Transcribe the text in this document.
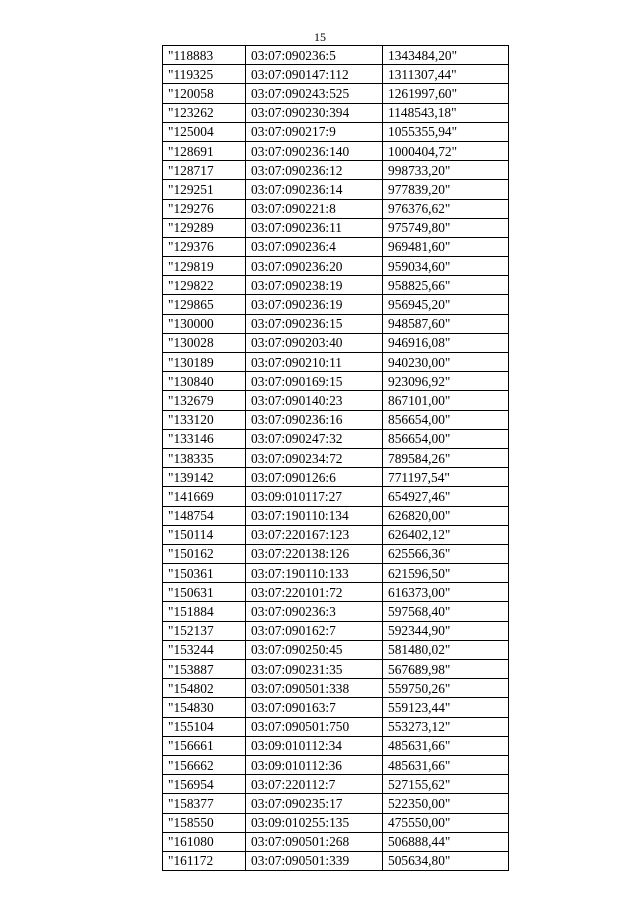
15
"118883	03:07:090236:5	1343484,20"
"119325	03:07:090147:112	1311307,44"
"120058	03:07:090243:525	1261997,60"
"123262	03:07:090230:394	1148543,18"
"125004	03:07:090217:9	1055355,94"
"128691	03:07:090236:140	1000404,72"
"128717	03:07:090236:12	998733,20"
"129251	03:07:090236:14	977839,20"
"129276	03:07:090221:8	976376,62"
"129289	03:07:090236:11	975749,80"
"129376	03:07:090236:4	969481,60"
"129819	03:07:090236:20	959034,60"
"129822	03:07:090238:19	958825,66"
"129865	03:07:090236:19	956945,20"
"130000	03:07:090236:15	948587,60"
"130028	03:07:090203:40	946916,08"
"130189	03:07:090210:11	940230,00"
"130840	03:07:090169:15	923096,92"
"132679	03:07:090140:23	867101,00"
"133120	03:07:090236:16	856654,00"
"133146	03:07:090247:32	856654,00"
"138335	03:07:090234:72	789584,26"
"139142	03:07:090126:6	771197,54"
"141669	03:09:010117:27	654927,46"
"148754	03:07:190110:134	626820,00"
"150114	03:07:220167:123	626402,12"
"150162	03:07:220138:126	625566,36"
"150361	03:07:190110:133	621596,50"
"150631	03:07:220101:72	616373,00"
"151884	03:07:090236:3	597568,40"
"152137	03:07:090162:7	592344,90"
"153244	03:07:090250:45	581480,02"
"153887	03:07:090231:35	567689,98"
"154802	03:07:090501:338	559750,26"
"154830	03:07:090163:7	559123,44"
"155104	03:07:090501:750	553273,12"
"156661	03:09:010112:34	485631,66"
"156662	03:09:010112:36	485631,66"
"156954	03:07:220112:7	527155,62"
"158377	03:07:090235:17	522350,00"
"158550	03:09:010255:135	475550,00"
"161080	03:07:090501:268	506888,44"
"161172	03:07:090501:339	505634,80"
